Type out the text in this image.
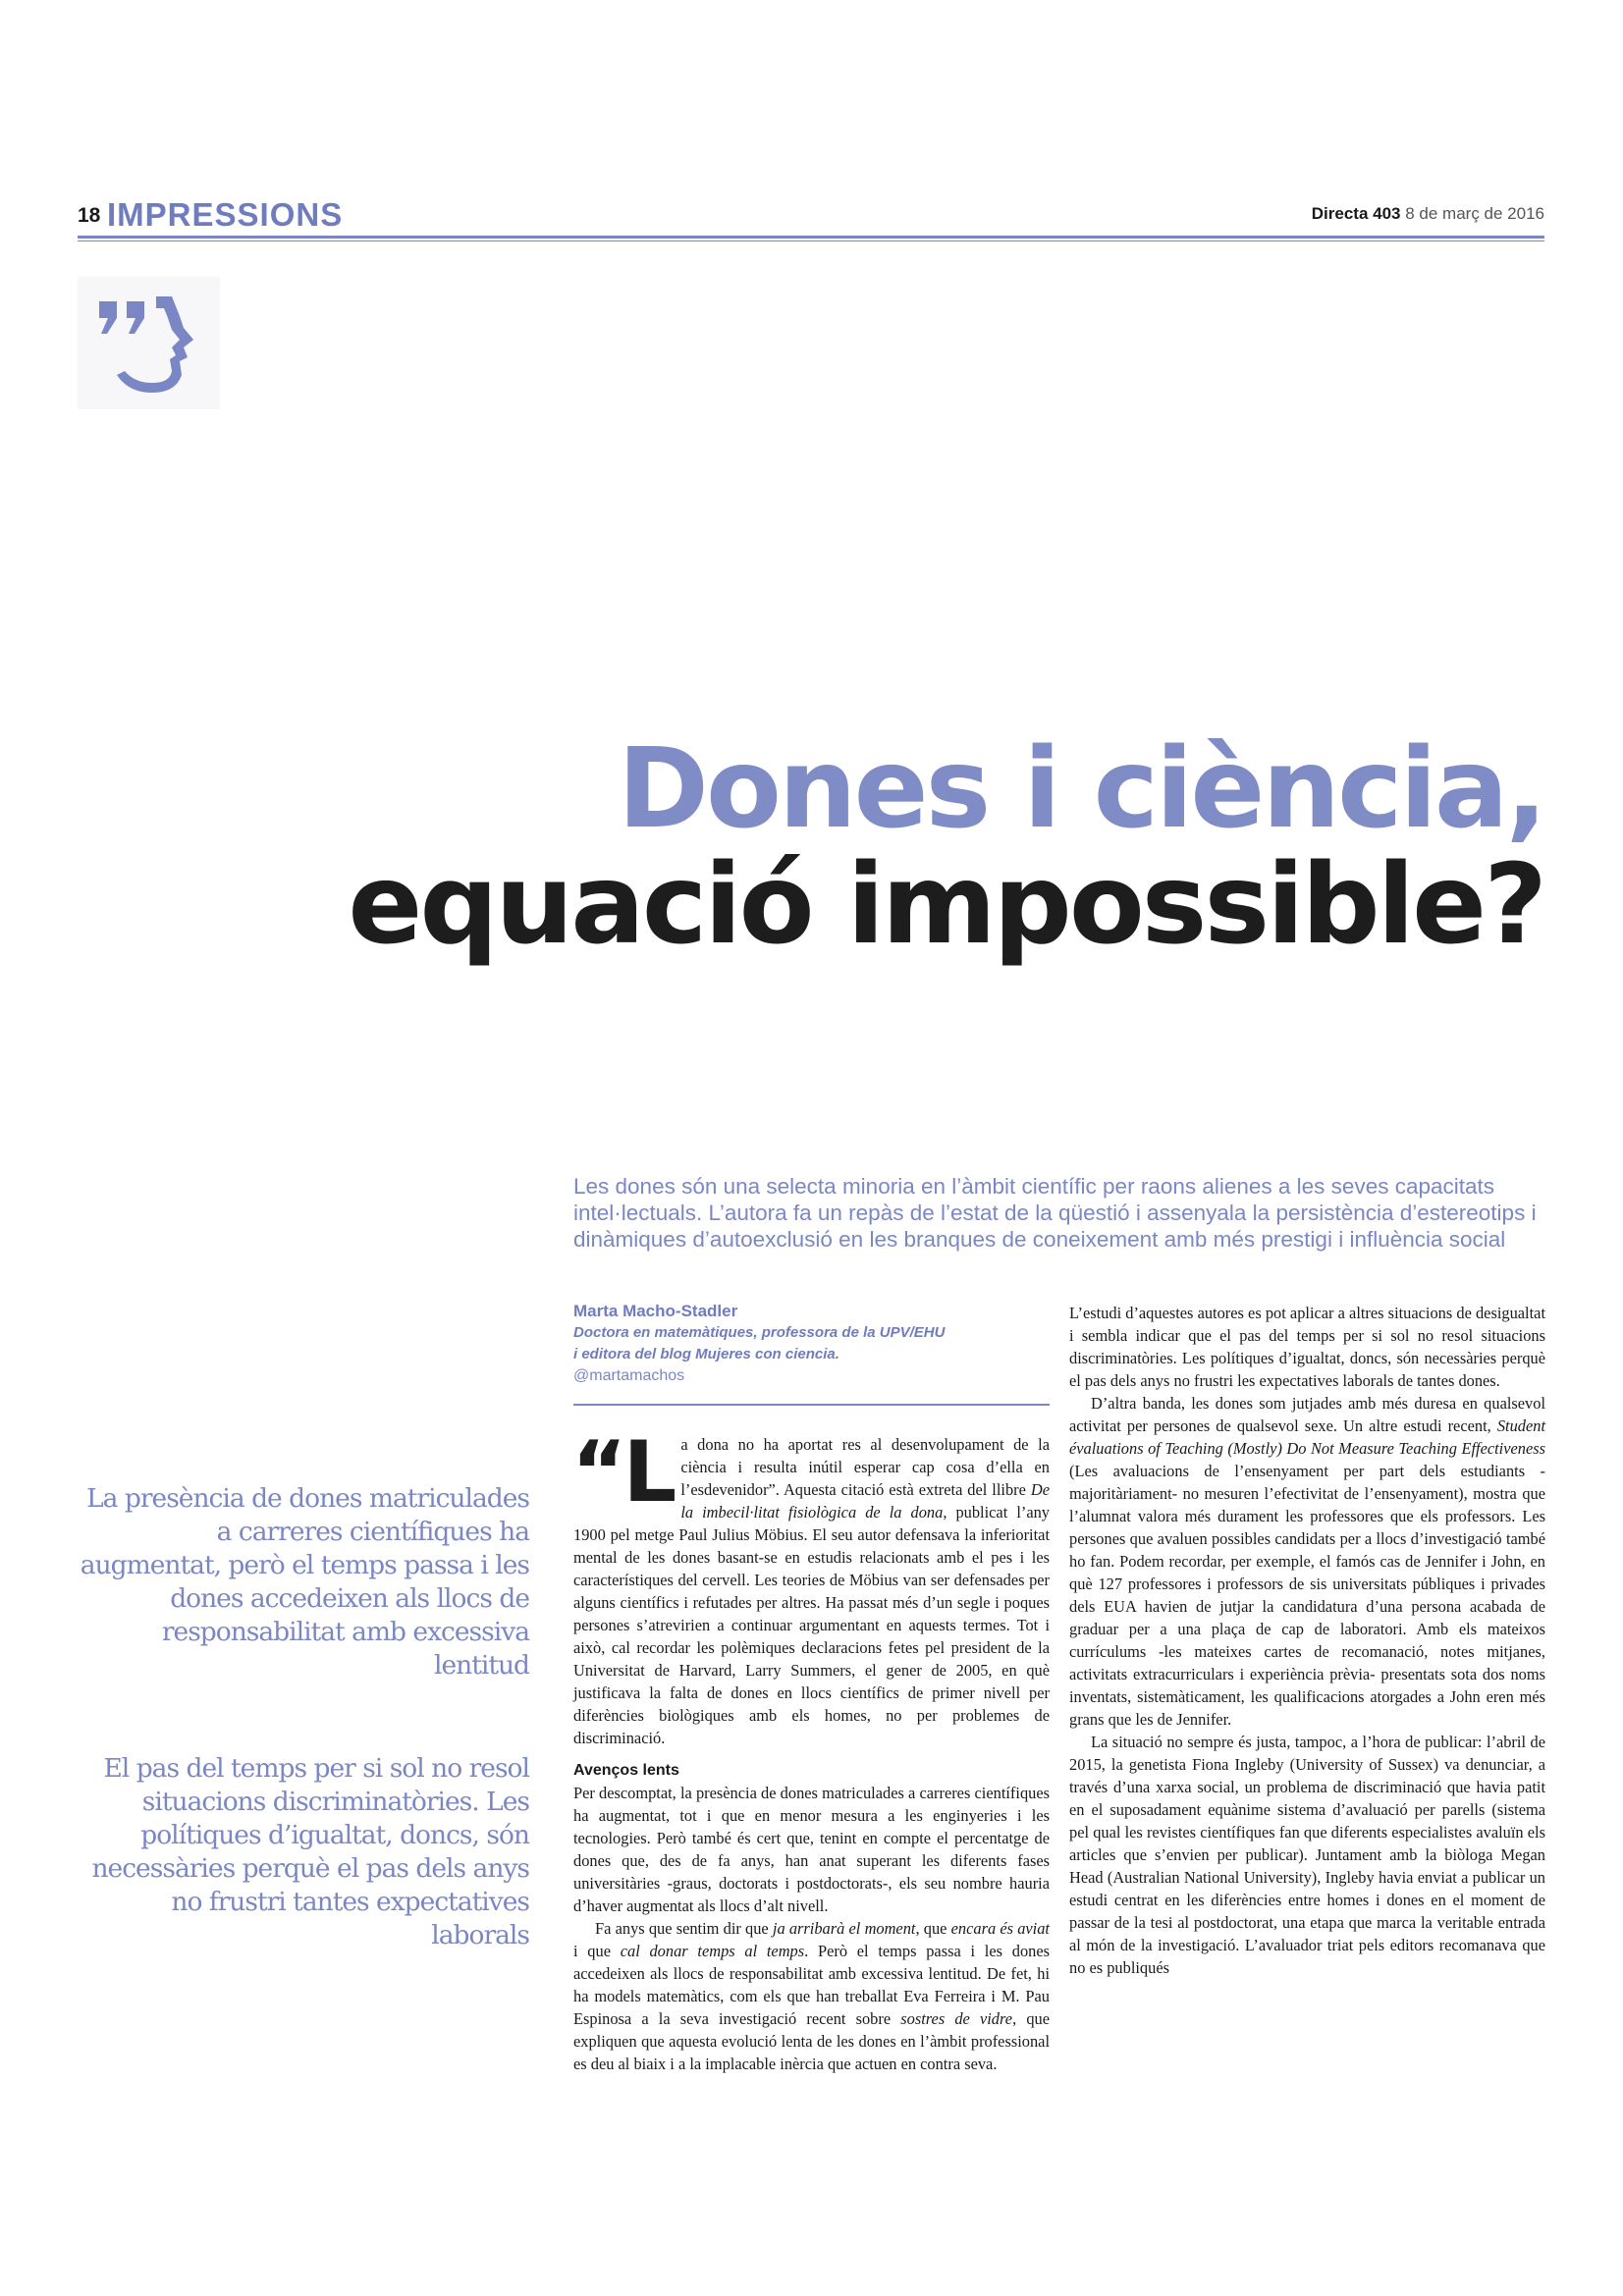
18 IMPRESSIONS	Directa 403 8 de març de 2016
Dones i ciència,
equació impossible?
Les dones són una selecta minoria en l’àmbit científic per raons alienes a les seves capacitats intel·lectuals. L’autora fa un repàs de l’estat de la qüestió i assenyala la persistència d’estereotips i dinàmiques d’autoexclusió en les branques de coneixement amb més prestigi i influència social
Marta Macho-Stadler
Doctora en matemàtiques, professora de la UPV/EHU
i editora del blog Mujeres con ciencia.
@martamachos
La presència de dones matriculades a carreres científiques ha augmentat, però el temps passa i les dones accedeixen als llocs de responsabilitat amb excessiva lentitud
El pas del temps per si sol no resol situacions discriminatòries. Les polítiques d’igualtat, doncs, són necessàries perquè el pas dels anys no frustri tantes expectatives laborals

“La dona no ha aportat res al desenvolupament de la ciència i resulta inútil esperar cap cosa d’ella en l’esdevenidor”. Aquesta citació està extreta del llibre De la imbecil·litat fisiològica de la dona, publicat l’any 1900 pel metge Paul Julius Möbius. El seu autor defensava la inferioritat mental de les dones basant-se en estudis relacionats amb el pes i les característiques del cervell. Les teories de Möbius van ser defensades per alguns científics i refutades per altres. Ha passat més d’un segle i poques persones s’atrevirien a continuar argumentant en aquests termes. Tot i això, cal recordar les polèmiques declaracions fetes pel president de la Universitat de Harvard, Larry Summers, el gener de 2005, en què justificava la falta de dones en llocs científics de primer nivell per diferències biològiques amb els homes, no per problemes de discriminació.

Avenços lents

Per descomptat, la presència de dones matriculades a carreres científiques ha augmentat, tot i que en menor mesura a les enginyeries i les tecnologies. Però també és cert que, tenint en compte el percentatge de dones que, des de fa anys, han anat superant les diferents fases universitàries -graus, doctorats i postdoctorats-, els seu nombre hauria d’haver augmentat als llocs d’alt nivell.

Fa anys que sentim dir que ja arribarà el moment, que encara és aviat i que cal donar temps al temps. Però el temps passa i les dones accedeixen als llocs de responsabilitat amb excessiva lentitud. De fet, hi ha models matemàtics, com els que han treballat Eva Ferreira i M. Pau Espinosa a la seva investigació recent sobre sostres de vidre, que expliquen que aquesta evolució lenta de les dones en l’àmbit professional es deu al biaix i a la implacable inèrcia que actuen en contra seva.

L’estudi d’aquestes autores es pot aplicar a altres situacions de desigualtat i sembla indicar que el pas del temps per si sol no resol situacions discriminatòries. Les polítiques d’igualtat, doncs, són necessàries perquè el pas dels anys no frustri les expectatives laborals de tantes dones.

D’altra banda, les dones som jutjades amb més duresa en qualsevol activitat per persones de qualsevol sexe. Un altre estudi recent, Student évaluations of Teaching (Mostly) Do Not Measure Teaching Effectiveness (Les avaluacions de l’ensenyament per part dels estudiants -majoritàriament- no mesuren l’efectivitat de l’ensenyament), mostra que l’alumnat valora més durament les professores que els professors. Les persones que avaluen possibles candidats per a llocs d’investigació també ho fan. Podem recordar, per exemple, el famós cas de Jennifer i John, en què 127 professores i professors de sis universitats públiques i privades dels EUA havien de jutjar la candidatura d’una persona acabada de graduar per a una plaça de cap de laboratori. Amb els mateixos currículums -les mateixes cartes de recomanació, notes mitjanes, activitats extracurriculars i experiència prèvia- presentats sota dos noms inventats, sistemàticament, les qualificacions atorgades a John eren més grans que les de Jennifer.

La situació no sempre és justa, tampoc, a l’hora de publicar: l’abril de 2015, la genetista Fiona Ingleby (University of Sussex) va denunciar, a través d’una xarxa social, un problema de discriminació que havia patit en el suposadament equànime sistema d’avaluació per parells (sistema pel qual les revistes científiques fan que diferents especialistes avaluïn els articles que s’envien per publicar). Juntament amb la biòloga Megan Head (Australian National University), Ingleby havia enviat a publicar un estudi centrat en les diferències entre homes i dones en el moment de passar de la tesi al postdoctorat, una etapa que marca la veritable entrada al món de la investigació. L’avaluador triat pels editors recomanava que no es publiqués
